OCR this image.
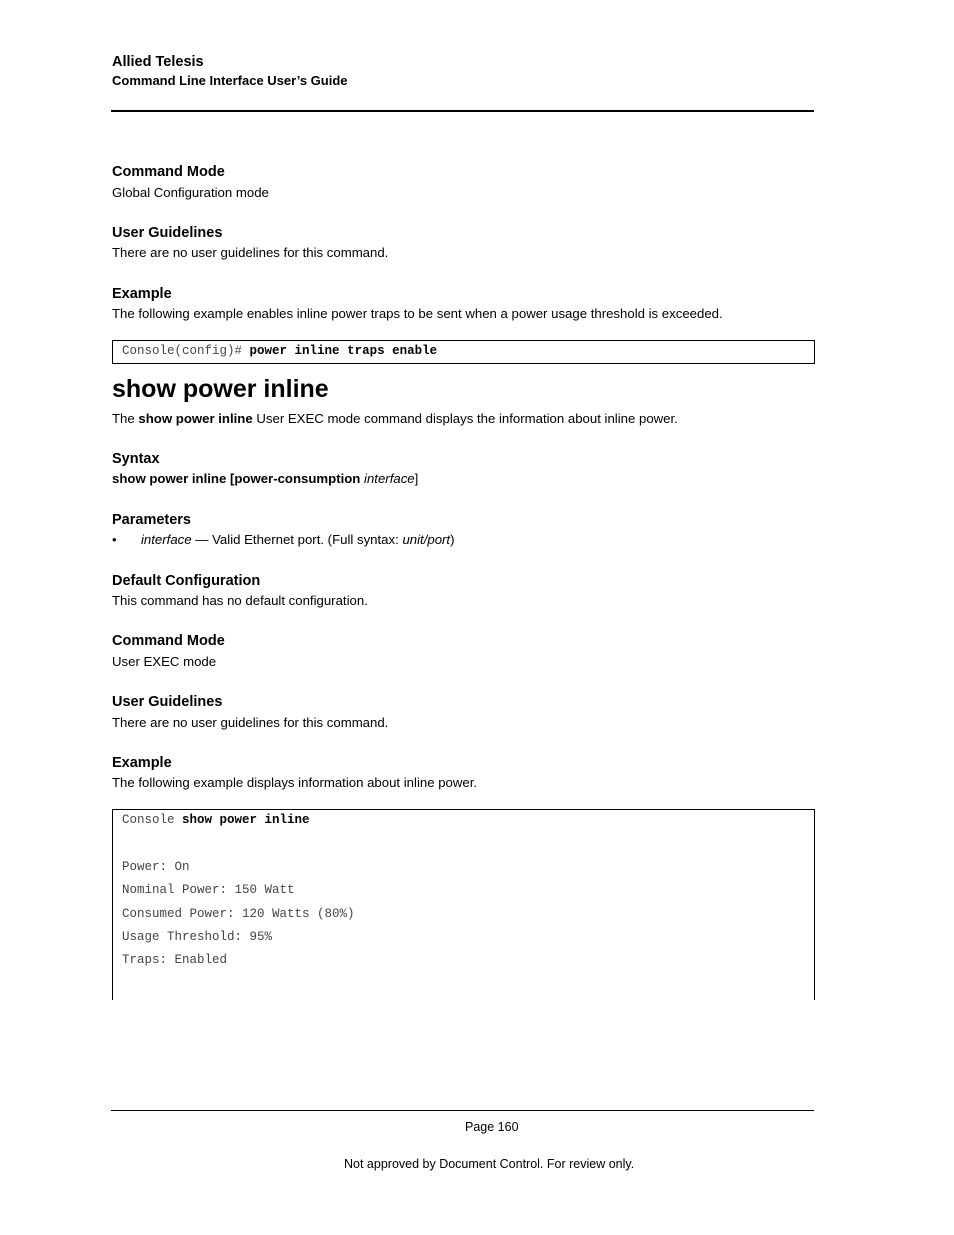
Allied Telesis
Command Line Interface User’s Guide
Command Mode
Global Configuration mode
User Guidelines
There are no user guidelines for this command.
Example
The following example enables inline power traps to be sent when a power usage threshold is exceeded.
Console(config)# power inline traps enable
show power inline
The show power inline User EXEC mode command displays the information about inline power.
Syntax
show power inline [power-consumption interface]
Parameters
• interface — Valid Ethernet port. (Full syntax: unit/port)
Default Configuration
This command has no default configuration.
Command Mode
User EXEC mode
User Guidelines
There are no user guidelines for this command.
Example
The following example displays information about inline power.
Console show power inline
Power: On
Nominal Power: 150 Watt
Consumed Power: 120 Watts (80%)
Usage Threshold: 95%
Traps: Enabled
Page 160
Not approved by Document Control. For review only.
